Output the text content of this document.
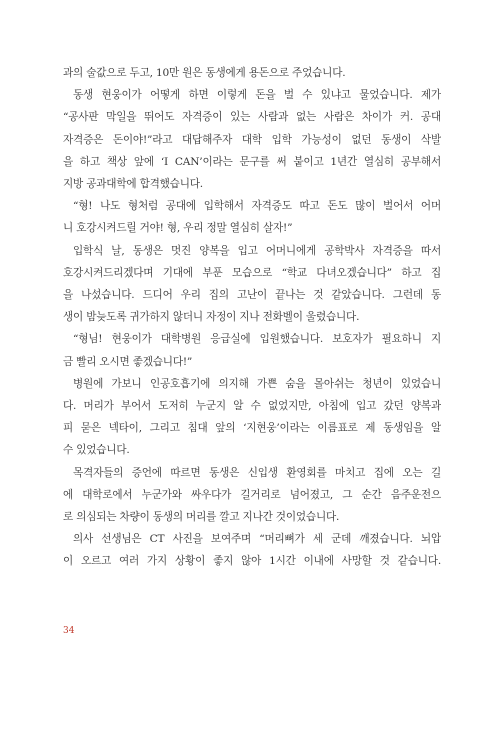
과의 술값으로 두고, 10만 원은 동생에게 용돈으로 주었습니다.
동생 현웅이가 어떻게 하면 이렇게 돈을 벌 수 있냐고 물었습니다. 제가
“공사판 막일을 뛰어도 자격증이 있는 사람과 없는 사람은 차이가 커. 공대
자격증은 돈이야!”라고 대답해주자 대학 입학 가능성이 없던 동생이 삭발
을 하고 책상 앞에 ‘I CAN’이라는 문구를 써 붙이고 1년간 열심히 공부해서
지방 공과대학에 합격했습니다.
“형! 나도 형처럼 공대에 입학해서 자격증도 따고 돈도 많이 벌어서 어머
니 호강시켜드릴 거야! 형, 우리 정말 열심히 살자!”
입학식 날, 동생은 멋진 양복을 입고 어머니에게 공학박사 자격증을 따서
호강시켜드리겠다며 기대에 부푼 모습으로 “학교 다녀오겠습니다” 하고 집
을 나섰습니다. 드디어 우리 집의 고난이 끝나는 것 같았습니다. 그런데 동
생이 밤늦도록 귀가하지 않더니 자정이 지나 전화벨이 울렸습니다.
“형님! 현웅이가 대학병원 응급실에 입원했습니다. 보호자가 필요하니 지
금 빨리 오시면 좋겠습니다!”
병원에 가보니 인공호흡기에 의지해 가쁜 숨을 몰아쉬는 청년이 있었습니
다. 머리가 부어서 도저히 누군지 알 수 없었지만, 아침에 입고 갔던 양복과
피 묻은 넥타이, 그리고 침대 앞의 ‘지현웅’이라는 이름표로 제 동생임을 알
수 있었습니다.
목격자들의 증언에 따르면 동생은 신입생 환영회를 마치고 집에 오는 길
에 대학로에서 누군가와 싸우다가 길거리로 넘어졌고, 그 순간 음주운전으
로 의심되는 차량이 동생의 머리를 깔고 지나간 것이었습니다.
의사 선생님은 CT 사진을 보여주며 “머리뼈가 세 군데 깨졌습니다. 뇌압
이 오르고 여러 가지 상황이 좋지 않아 1시간 이내에 사망할 것 같습니다.
34
